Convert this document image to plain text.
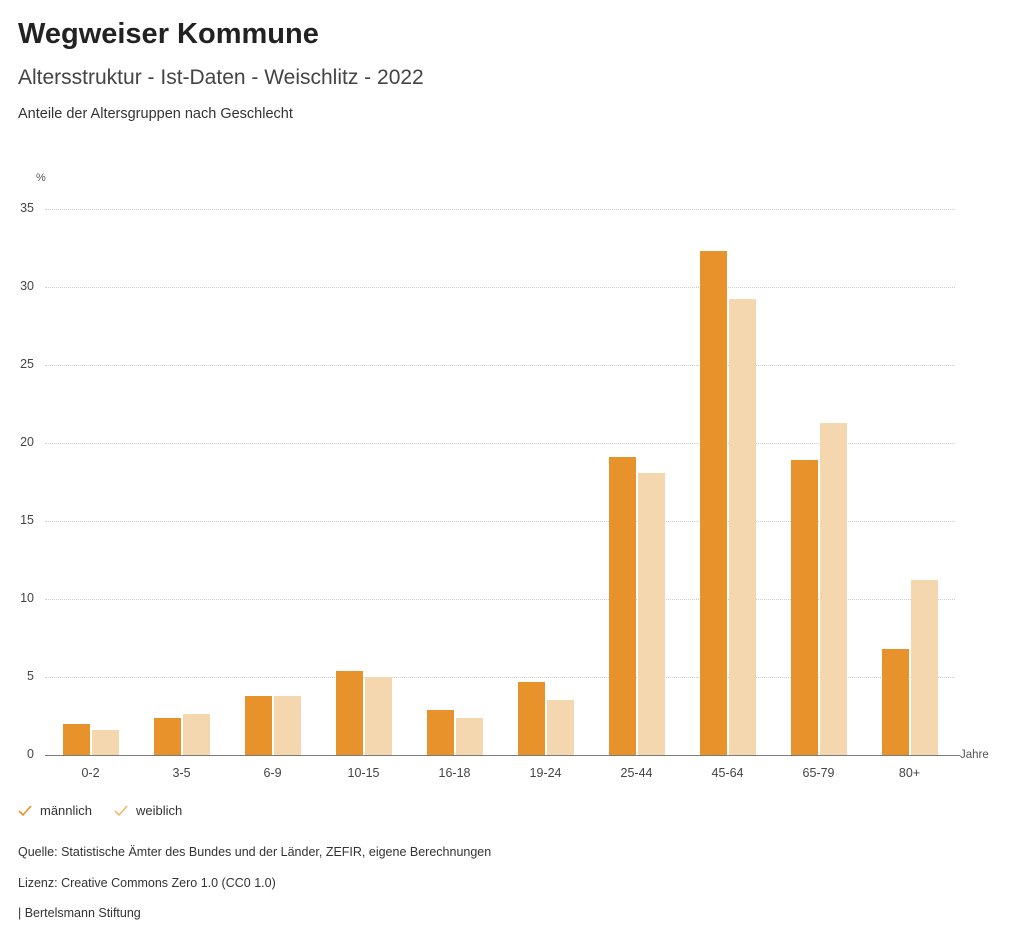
Wegweiser Kommune
Altersstruktur - Ist-Daten - Weischlitz - 2022
Anteile der Altersgruppen nach Geschlecht
%
Jahre
0
5
10
15
20
25
30
35
0-2	3-5	6-9	10-15	16-18	19-24	25-44	45-64	65-79	80+
männlich	weiblich
Quelle: Statistische Ämter des Bundes und der Länder, ZEFIR, eigene Berechnungen
Lizenz: Creative Commons Zero 1.0 (CC0 1.0)
| Bertelsmann Stiftung
